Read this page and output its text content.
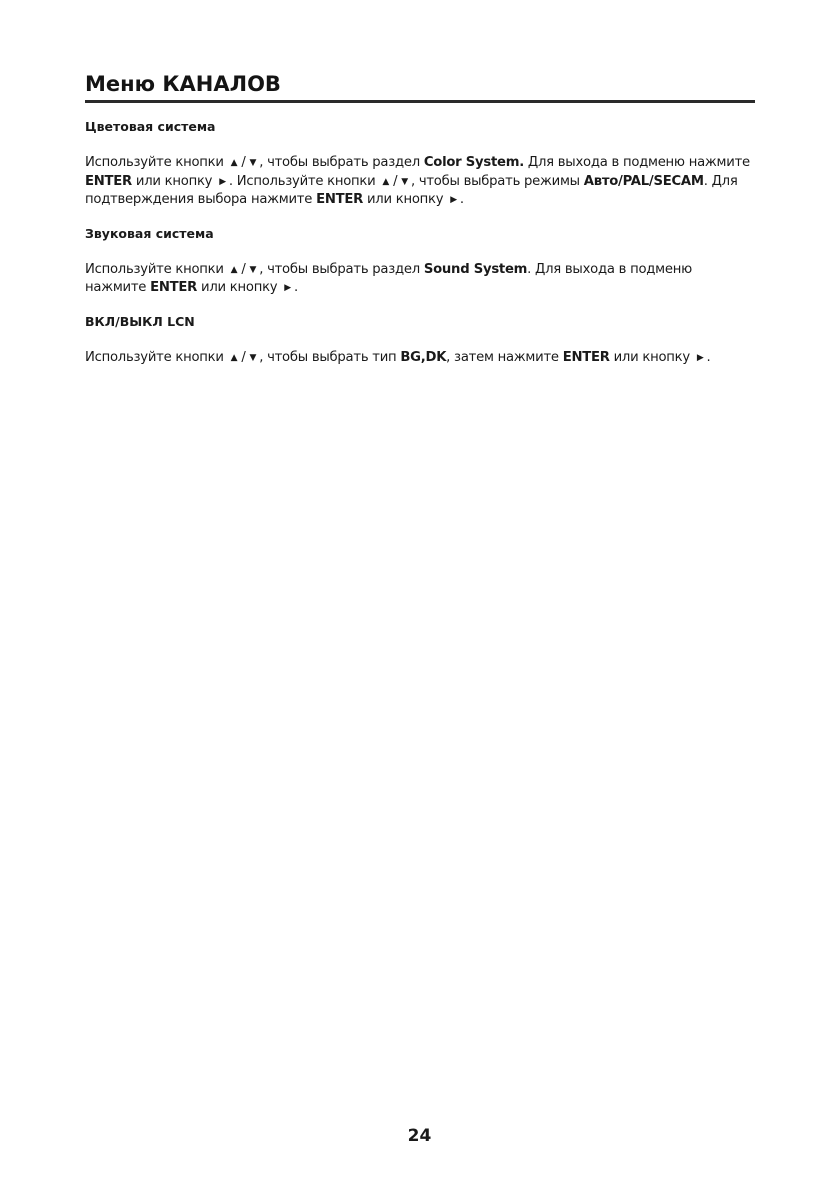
Меню КАНАЛОВ
Цветовая система
Используйте кнопки ▲ / ▼ , чтобы выбрать раздел Color System. Для выхода в подменю нажмите
ENTER или кнопку ▶ . Используйте кнопки ▲ / ▼ , чтобы выбрать режимы Авто/PAL/SECAM. Для
подтверждения выбора нажмите ENTER или кнопку ▶ .
Звуковая система
Используйте кнопки ▲ / ▼ , чтобы выбрать раздел Sound System. Для выхода в подменю
нажмите ENTER или кнопку ▶ .
ВКЛ/ВЫКЛ LCN
Используйте кнопки ▲ / ▼ , чтобы выбрать тип BG,DK, затем нажмите ENTER или кнопку ▶ .
24
